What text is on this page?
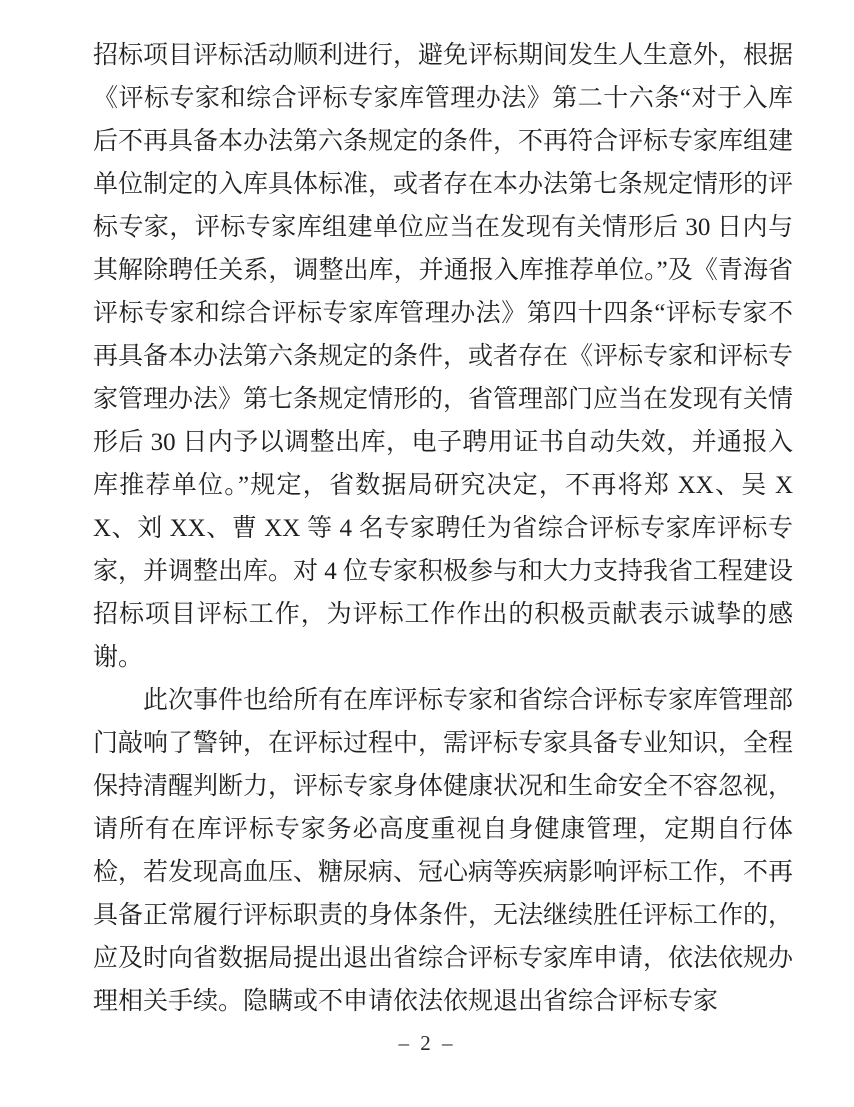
招标项目评标活动顺利进行，避免评标期间发生人生意外，根据《评标专家和综合评标专家库管理办法》第二十六条“对于入库后不再具备本办法第六条规定的条件，不再符合评标专家库组建单位制定的入库具体标准，或者存在本办法第七条规定情形的评标专家，评标专家库组建单位应当在发现有关情形后 30 日内与其解除聘任关系，调整出库，并通报入库推荐单位。”及《青海省评标专家和综合评标专家库管理办法》第四十四条“评标专家不再具备本办法第六条规定的条件，或者存在《评标专家和评标专家管理办法》第七条规定情形的，省管理部门应当在发现有关情形后 30 日内予以调整出库，电子聘用证书自动失效，并通报入库推荐单位。”规定，省数据局研究决定，不再将郑 XX、吴 XX、刘 XX、曹 XX 等 4 名专家聘任为省综合评标专家库评标专家，并调整出库。对 4 位专家积极参与和大力支持我省工程建设招标项目评标工作，为评标工作作出的积极贡献表示诚挚的感谢。

此次事件也给所有在库评标专家和省综合评标专家库管理部门敲响了警钟，在评标过程中，需评标专家具备专业知识，全程保持清醒判断力，评标专家身体健康状况和生命安全不容忽视，请所有在库评标专家务必高度重视自身健康管理，定期自行体检，若发现高血压、糖尿病、冠心病等疾病影响评标工作，不再具备正常履行评标职责的身体条件，无法继续胜任评标工作的，应及时向省数据局提出退出省综合评标专家库申请，依法依规办理相关手续。隐瞒或不申请依法依规退出省综合评标专家

– 2 –
